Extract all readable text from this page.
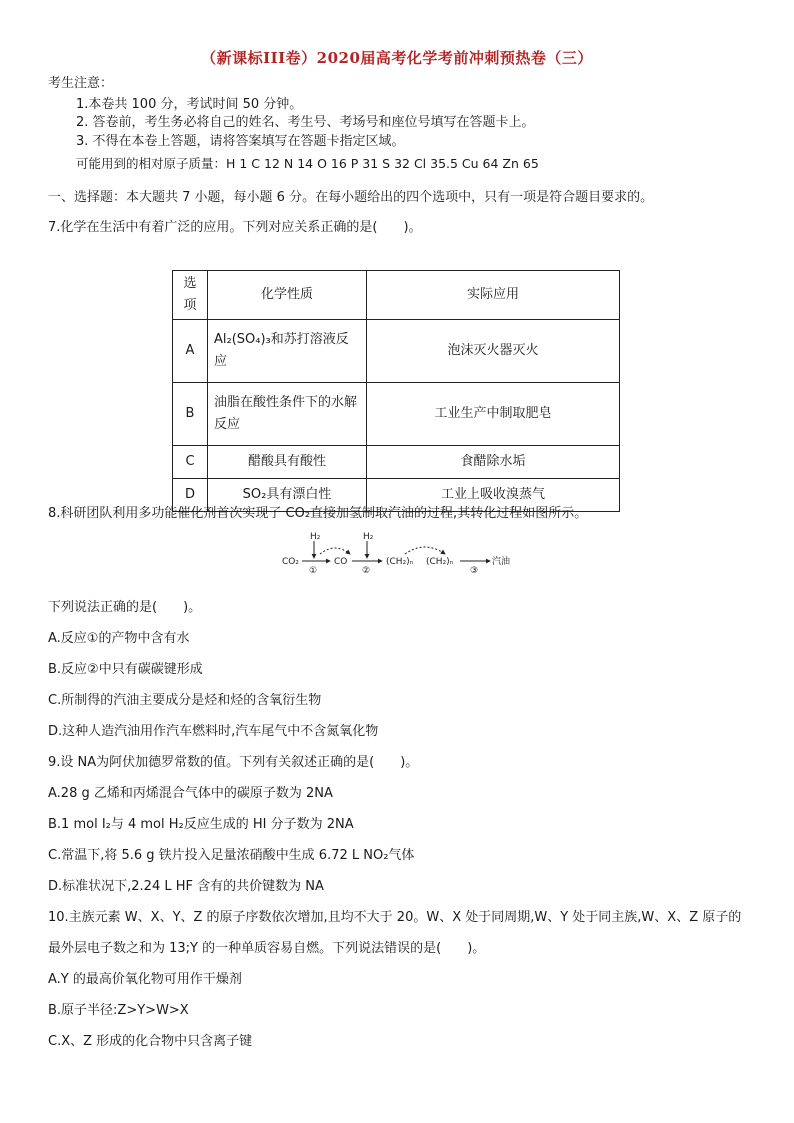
（新课标III卷）2020届高考化学考前冲刺预热卷（三）
考生注意：
1.本卷共 100 分，考试时间 50 分钟。
2. 答卷前，考生务必将自己的姓名、考生号、考场号和座位号填写在答题卡上。
3. 不得在本卷上答题，请将答案填写在答题卡指定区域。
可能用到的相对原子质量：H 1 C 12 N 14 O 16 P 31 S 32 Cl 35.5 Cu 64 Zn 65
一、选择题：本大题共 7 小题，每小题 6 分。在每小题给出的四个选项中，只有一项是符合题目要求的。
7.化学在生活中有着广泛的应用。下列对应关系正确的是(　　)。
选项	化学性质	实际应用
A	Al₂(SO₄)₃和苏打溶液反应	泡沫灭火器灭火
B	油脂在酸性条件下的水解反应	工业生产中制取肥皂
C	醋酸具有酸性	食醋除水垢
D	SO₂具有漂白性	工业上吸收溴蒸气
8.科研团队利用多功能催化剂首次实现了 CO₂直接加氢制取汽油的过程,其转化过程如图所示。
CO₂
H₂
①
CO
H₂
②
(CH₂)ₙ (CH₂)ₙ
③
汽油
下列说法正确的是(　　)。
A.反应①的产物中含有水
B.反应②中只有碳碳键形成
C.所制得的汽油主要成分是烃和烃的含氧衍生物
D.这种人造汽油用作汽车燃料时,汽车尾气中不含氮氧化物
9.设 NA为阿伏加德罗常数的值。下列有关叙述正确的是(　　)。
A.28 g 乙烯和丙烯混合气体中的碳原子数为 2NA
B.1 mol I₂与 4 mol H₂反应生成的 HI 分子数为 2NA
C.常温下,将 5.6 g 铁片投入足量浓硝酸中生成 6.72 L NO₂气体
D.标准状况下,2.24 L HF 含有的共价键数为 NA
10.主族元素 W、X、Y、Z 的原子序数依次增加,且均不大于 20。W、X 处于同周期,W、Y 处于同主族,W、X、Z 原子的
最外层电子数之和为 13;Y 的一种单质容易自燃。下列说法错误的是(　　)。
A.Y 的最高价氧化物可用作干燥剂
B.原子半径:Z>Y>W>X
C.X、Z 形成的化合物中只含离子键
